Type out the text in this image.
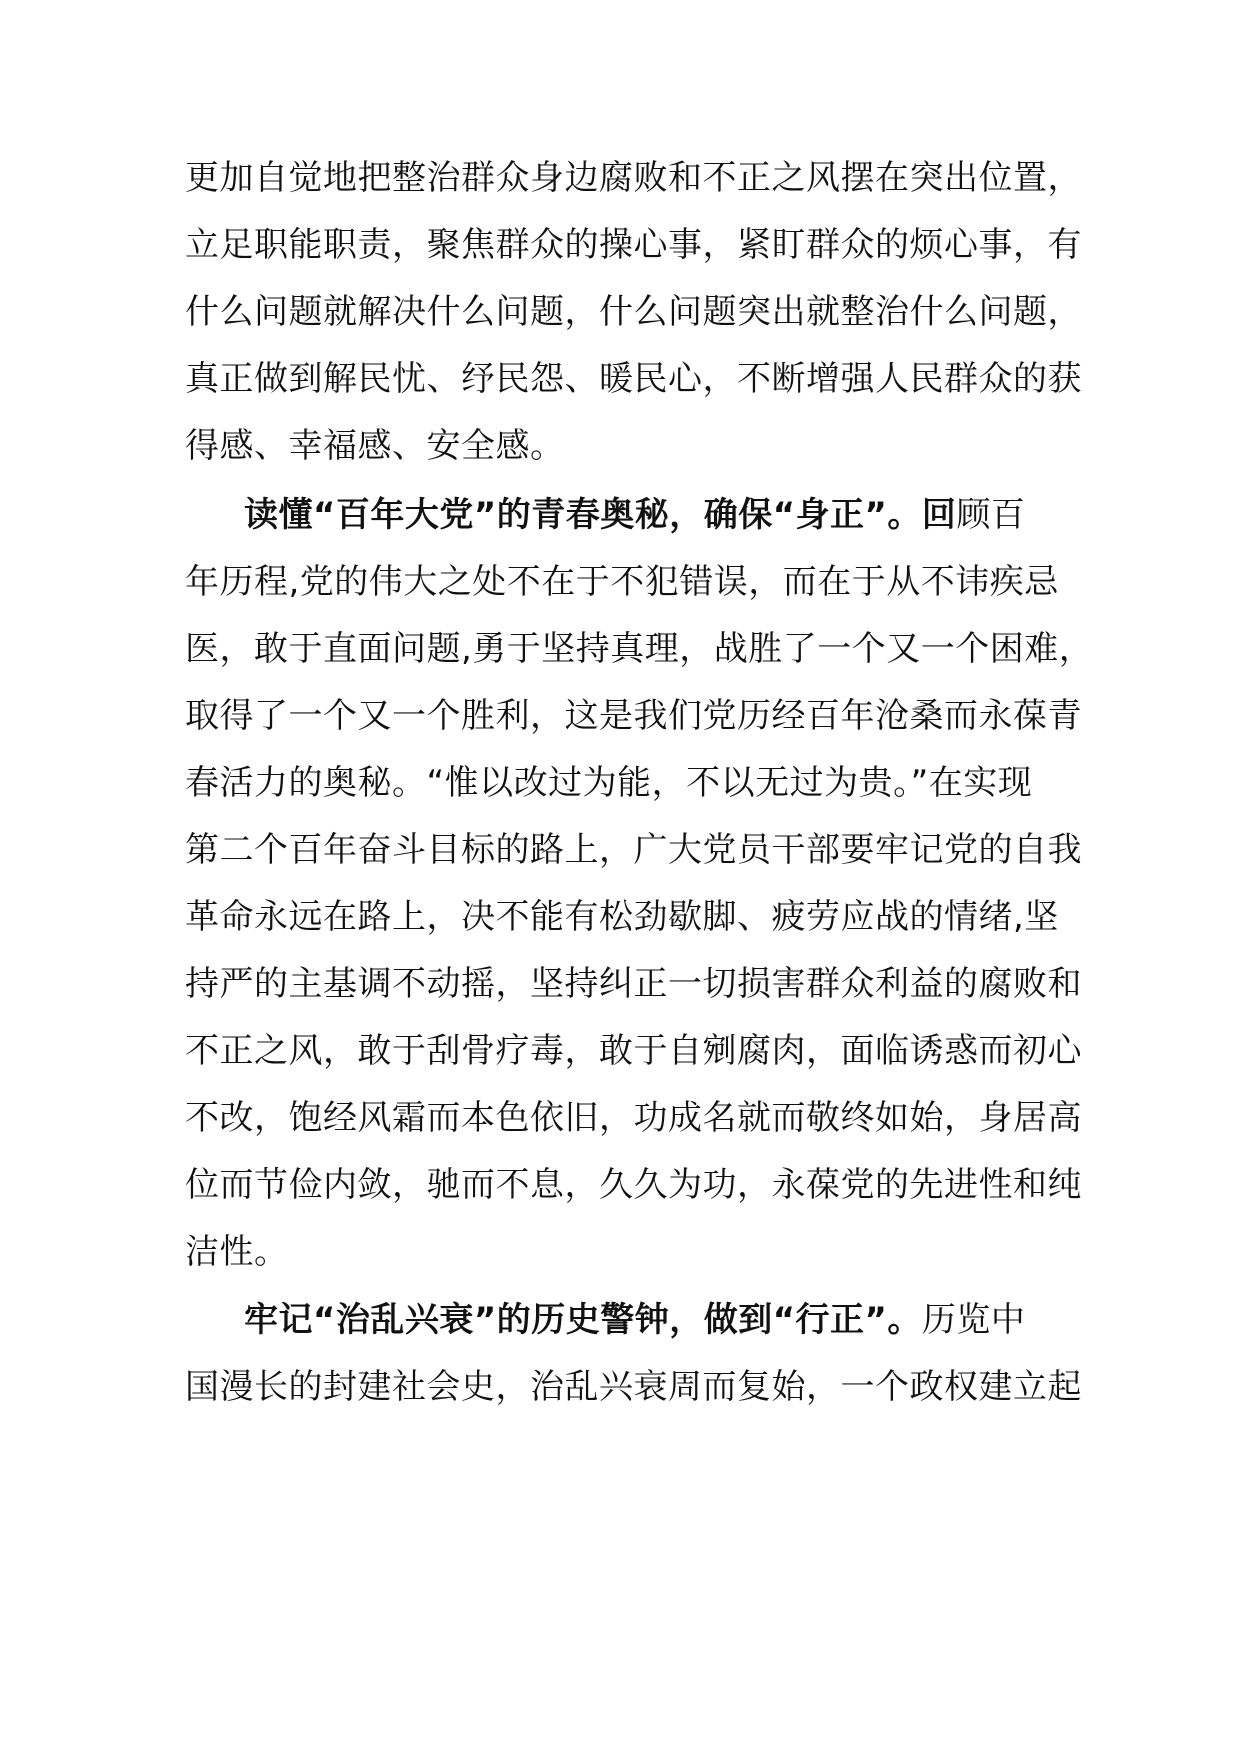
更加自觉地把整治群众身边腐败和不正之风摆在突出位置，
立足职能职责，聚焦群众的操心事，紧盯群众的烦心事，有
什么问题就解决什么问题，什么问题突出就整治什么问题，
真正做到解民忧、纾民怨、暖民心，不断增强人民群众的获
得感、幸福感、安全感。
读懂“百年大党”的青春奥秘，确保“身正”。回顾百
年历程,党的伟大之处不在于不犯错误，而在于从不讳疾忌
医，敢于直面问题,勇于坚持真理，战胜了一个又一个困难，
取得了一个又一个胜利，这是我们党历经百年沧桑而永葆青
春活力的奥秘。“惟以改过为能，不以无过为贵。”在实现
第二个百年奋斗目标的路上，广大党员干部要牢记党的自我
革命永远在路上，决不能有松劲歇脚、疲劳应战的情绪,坚
持严的主基调不动摇，坚持纠正一切损害群众利益的腐败和
不正之风，敢于刮骨疗毒，敢于自剜腐肉，面临诱惑而初心
不改，饱经风霜而本色依旧，功成名就而敬终如始，身居高
位而节俭内敛，驰而不息，久久为功，永葆党的先进性和纯
洁性。
牢记“治乱兴衰”的历史警钟，做到“行正”。历览中
国漫长的封建社会史，治乱兴衰周而复始，一个政权建立起
